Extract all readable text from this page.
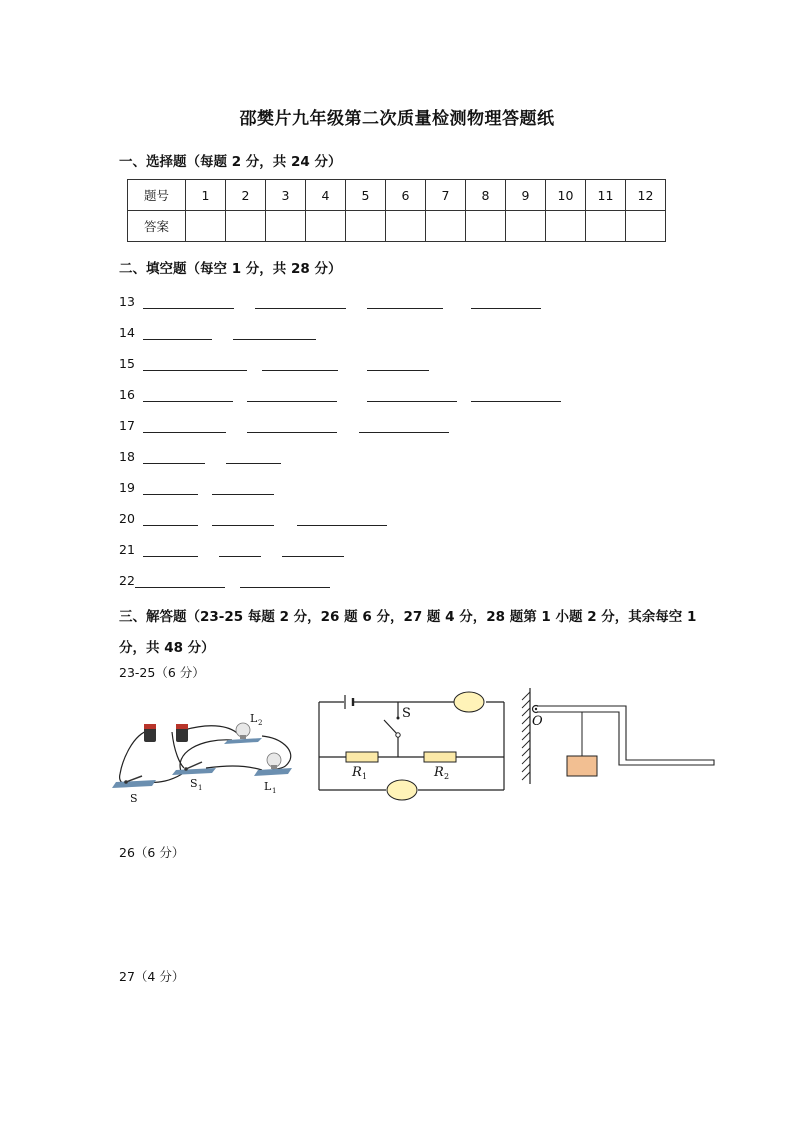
邵樊片九年级第二次质量检测物理答题纸
一、选择题（每题 2 分，共 24 分）
题号	1	2	3	4	5	6	7	8	9	10	11	12
答案												
二、填空题（每空 1 分，共 28 分）
13
14
15
16
17
18
19
20
21
22
三、解答题（23-25 每题 2 分，26 题 6 分，27 题 4 分，28 题第 1 小题 2 分，其余每空 1
分，共 48 分）
23-25（6 分）
L 2
S 1	L 1
S
S
R 1	R 2
O
26（6 分）
27（4 分）
